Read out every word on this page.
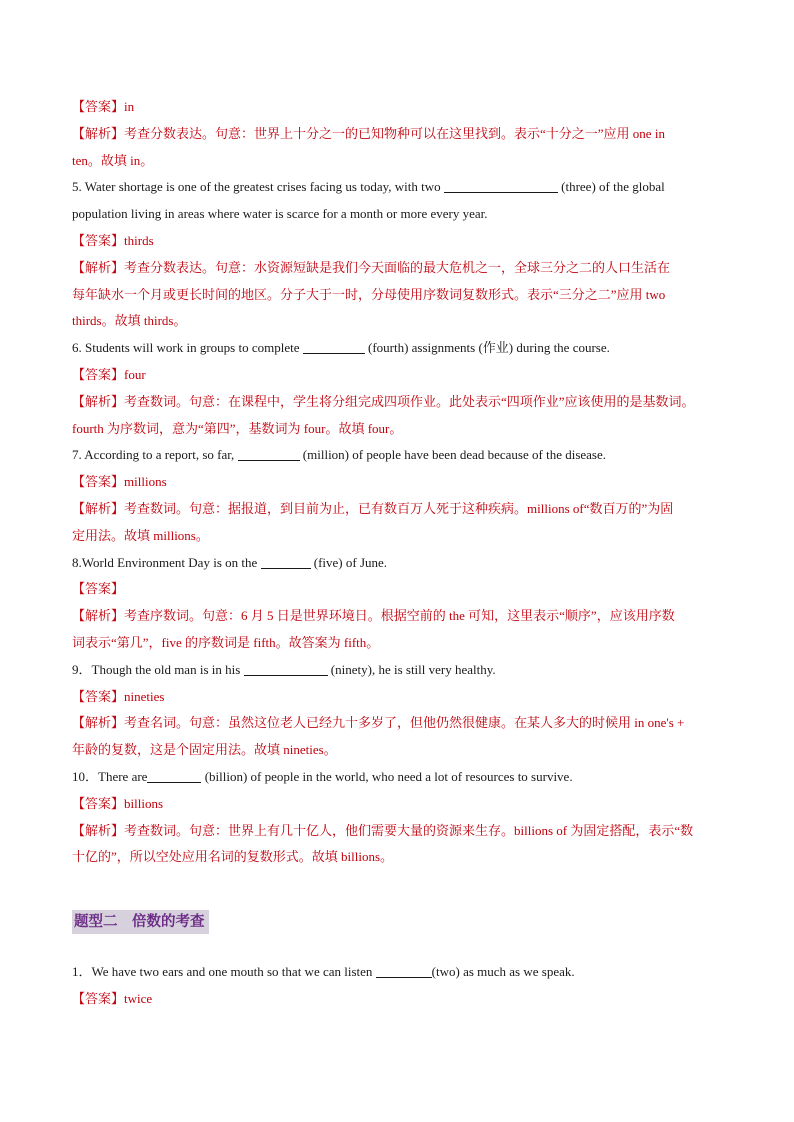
【答案】in
【解析】考查分数表达。句意：世界上十分之一的已知物种可以在这里找到。表示“十分之一”应用 one in
ten。故填 in。
5. Water shortage is one of the greatest crises facing us today, with two	(three) of the global
population living in areas where water is scarce for a month or more every year.
【答案】thirds
【解析】考查分数表达。句意：水资源短缺是我们今天面临的最大危机之一，全球三分之二的人口生活在
每年缺水一个月或更长时间的地区。分子大于一时，分母使用序数词复数形式。表示“三分之二”应用 two
thirds。故填 thirds。
6. Students will work in groups to complete	(fourth) assignments (作业) during the course.
【答案】four
【解析】考查数词。句意：在课程中，学生将分组完成四项作业。此处表示“四项作业”应该使用的是基数词。
fourth 为序数词，意为“第四”，基数词为 four。故填 four。
7. According to a report, so far,	(million) of people have been dead because of the disease.
【答案】millions
【解析】考查数词。句意：据报道，到目前为止，已有数百万人死于这种疾病。millions of“数百万的”为固
定用法。故填 millions。
8.World Environment Day is on the	(five) of June.
【答案】
【解析】考查序数词。句意：6 月 5 日是世界环境日。根据空前的 the 可知，这里表示“顺序”，应该用序数
词表示“第几”，five 的序数词是 fifth。故答案为 fifth。
9．Though the old man is in his	(ninety), he is still very healthy.
【答案】nineties
【解析】考查名词。句意：虽然这位老人已经九十多岁了，但他仍然很健康。在某人多大的时候用 in one's +
年龄的复数，这是个固定用法。故填 nineties。
10．There are	(billion) of people in the world, who need a lot of resources to survive.
【答案】billions
【解析】考查数词。句意：世界上有几十亿人，他们需要大量的资源来生存。billions of 为固定搭配，表示“数
十亿的”，所以空处应用名词的复数形式。故填 billions。
题型二　倍数的考查
1．We have two ears and one mouth so that we can listen	(two) as much as we speak.
【答案】twice
